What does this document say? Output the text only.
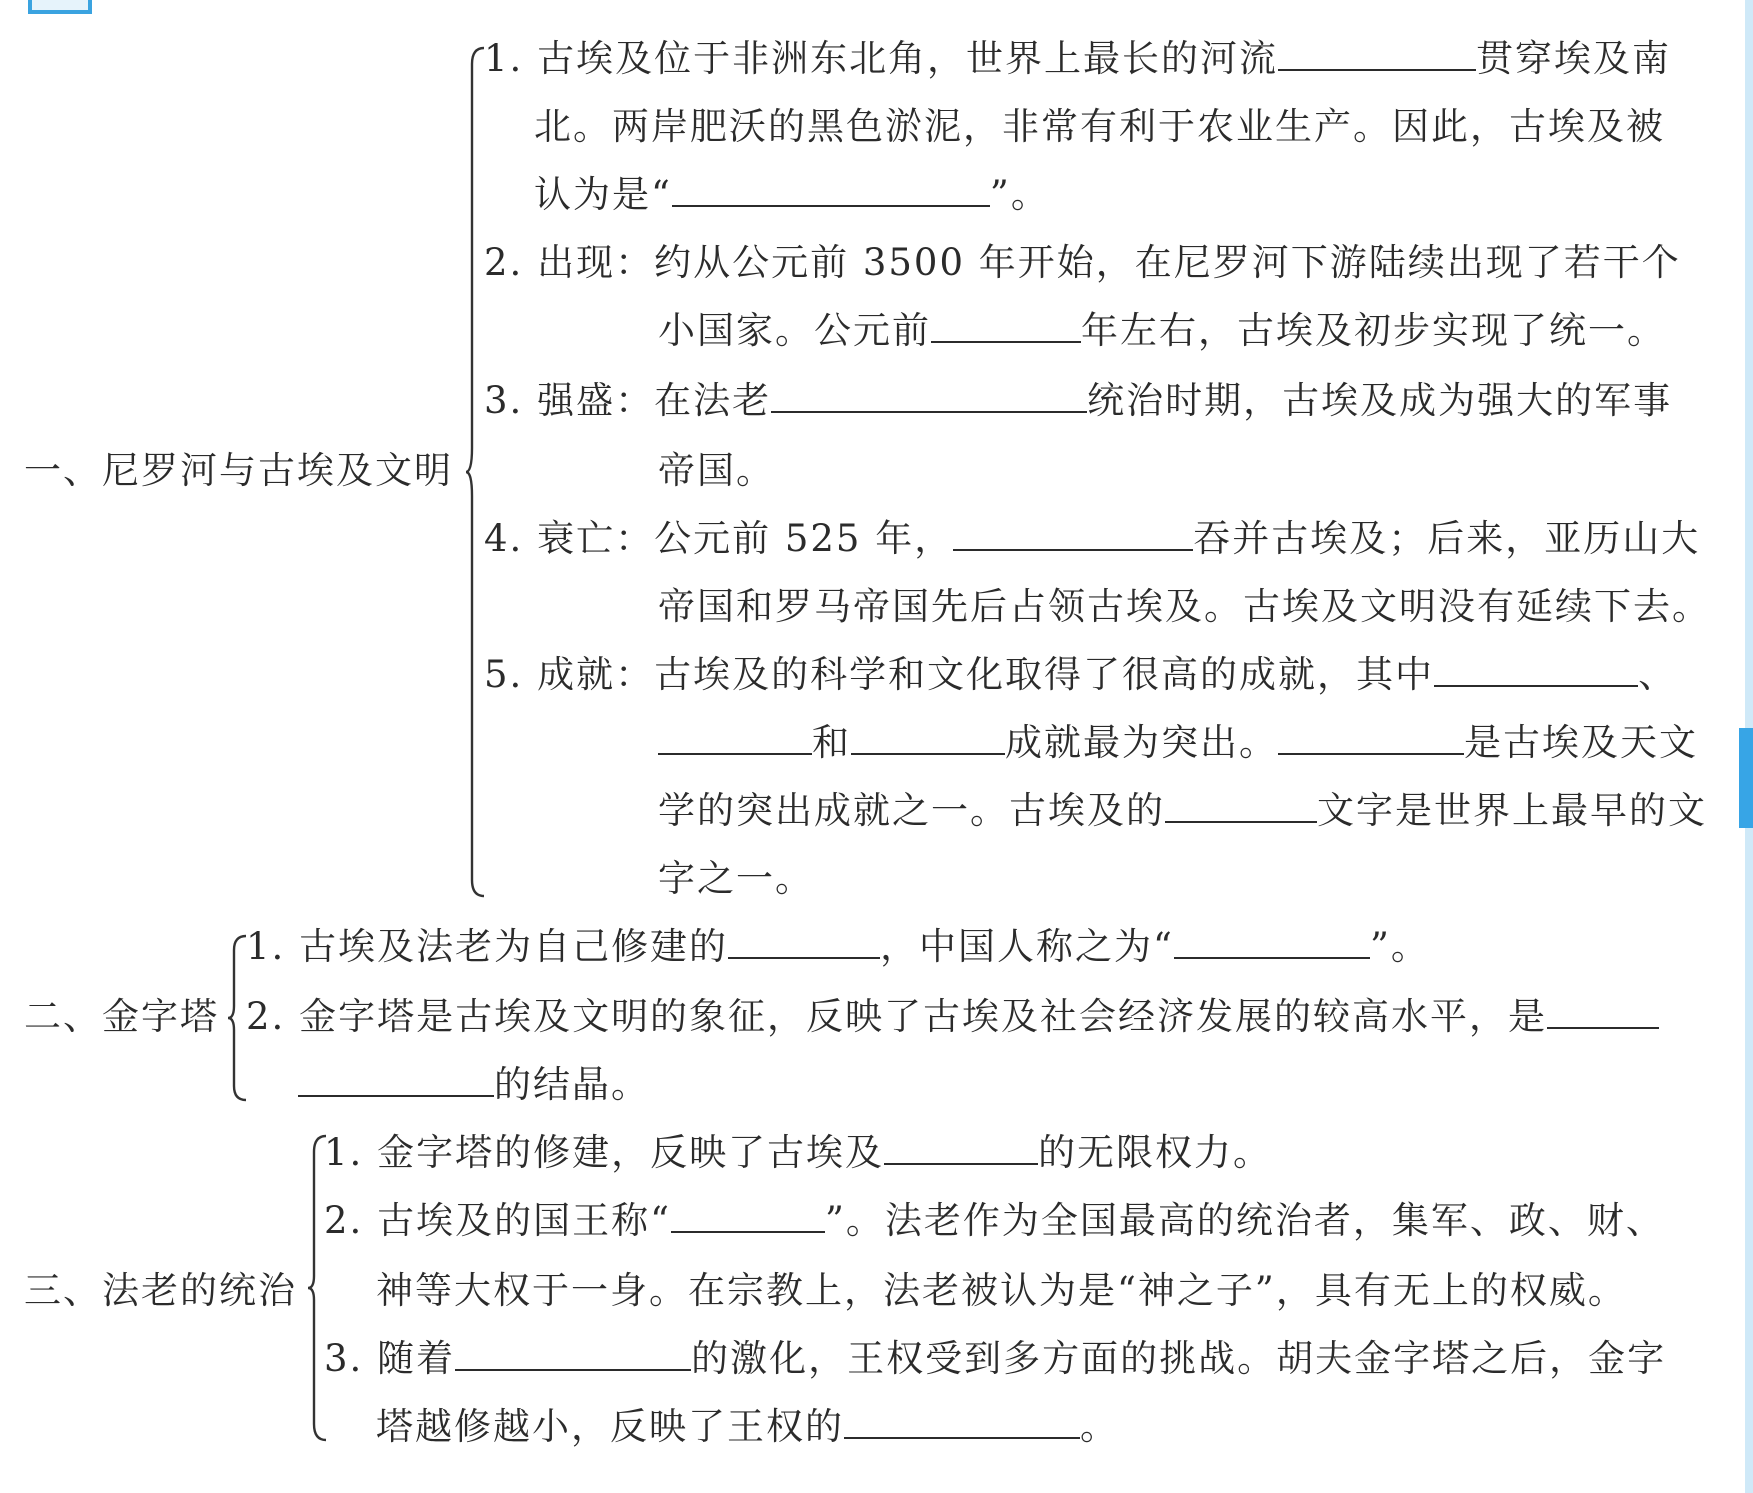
一、尼罗河与古埃及文明
1. 古埃及位于非洲东北角，世界上最长的河流	贯穿埃及南
北。两岸肥沃的黑色淤泥，非常有利于农业生产。因此，古埃及被
认为是“	”。
2. 出现：约从公元前 3500 年开始，在尼罗河下游陆续出现了若干个
小国家。公元前	年左右，古埃及初步实现了统一。
3. 强盛：在法老	统治时期，古埃及成为强大的军事
帝国。
4. 衰亡：公元前 525 年，	吞并古埃及；后来，亚历山大
帝国和罗马帝国先后占领古埃及。古埃及文明没有延续下去。
5. 成就：古埃及的科学和文化取得了很高的成就，其中	、
和	成就最为突出。	是古埃及天文
学的突出成就之一。古埃及的	文字是世界上最早的文
字之一。
二、金字塔
1. 古埃及法老为自己修建的	，中国人称之为“	”。
2. 金字塔是古埃及文明的象征，反映了古埃及社会经济发展的较高水平，是
的结晶。
三、法老的统治
1. 金字塔的修建，反映了古埃及	的无限权力。
2. 古埃及的国王称“	”。法老作为全国最高的统治者，集军、政、财、
神等大权于一身。在宗教上，法老被认为是“神之子”，具有无上的权威。
3. 随着	的激化，王权受到多方面的挑战。胡夫金字塔之后，金字
塔越修越小，反映了王权的	。
